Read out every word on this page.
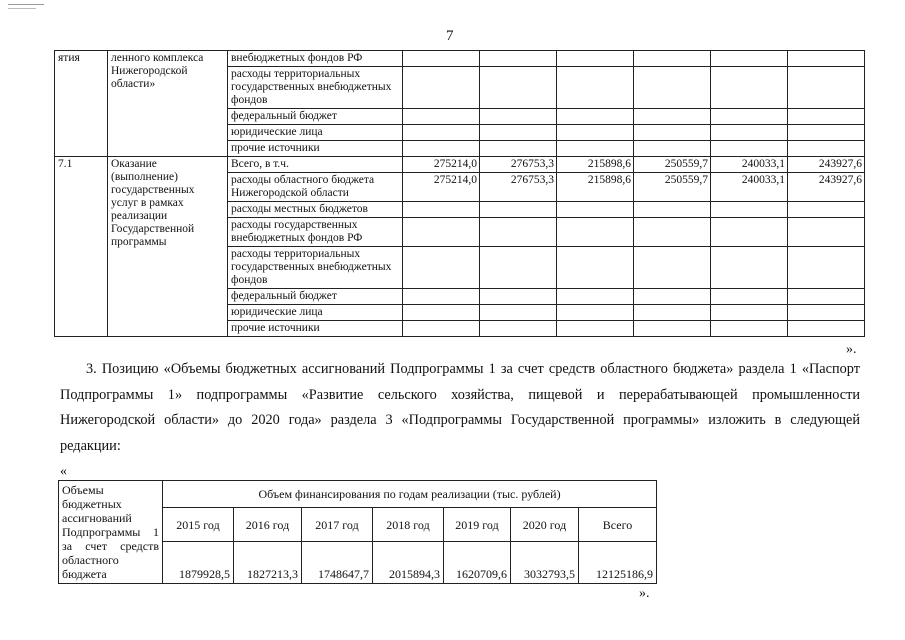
7
ятия	ленного комплекса Нижегородской области»	внебюджетных фондов РФ						
		расходы территориальных государственных внебюджетных фондов						
		федеральный бюджет						
		юридические лица						
		прочие источники						
7.1	Оказание (выполнение) государственных услуг в рамках реализации Государственной программы	Всего, в т.ч.	275214,0	276753,3	215898,6	250559,7	240033,1	243927,6
		расходы областного бюджета Нижегородской области	275214,0	276753,3	215898,6	250559,7	240033,1	243927,6
		расходы местных бюджетов						
		расходы государственных внебюджетных фондов РФ						
		расходы территориальных государственных внебюджетных фондов						
		федеральный бюджет						
		юридические лица						
		прочие источники						
».
3. Позицию «Объемы бюджетных ассигнований Подпрограммы 1 за счет средств областного бюджета» раздела 1 «Паспорт Подпрограммы 1» подпрограммы «Развитие сельского хозяйства, пищевой и перерабатывающей промышленности Нижегородской области» до 2020 года» раздела 3 «Подпрограммы Государственной программы» изложить в следующей редакции:
«
Объемы бюджетных ассигнований Подпрограммы 1 за счет средств областного бюджета	Объем финансирования по годам реализации (тыс. рублей)						
	2015 год	2016 год	2017 год	2018 год	2019 год	2020 год	Всего
	1879928,5	1827213,3	1748647,7	2015894,3	1620709,6	3032793,5	12125186,9
».
